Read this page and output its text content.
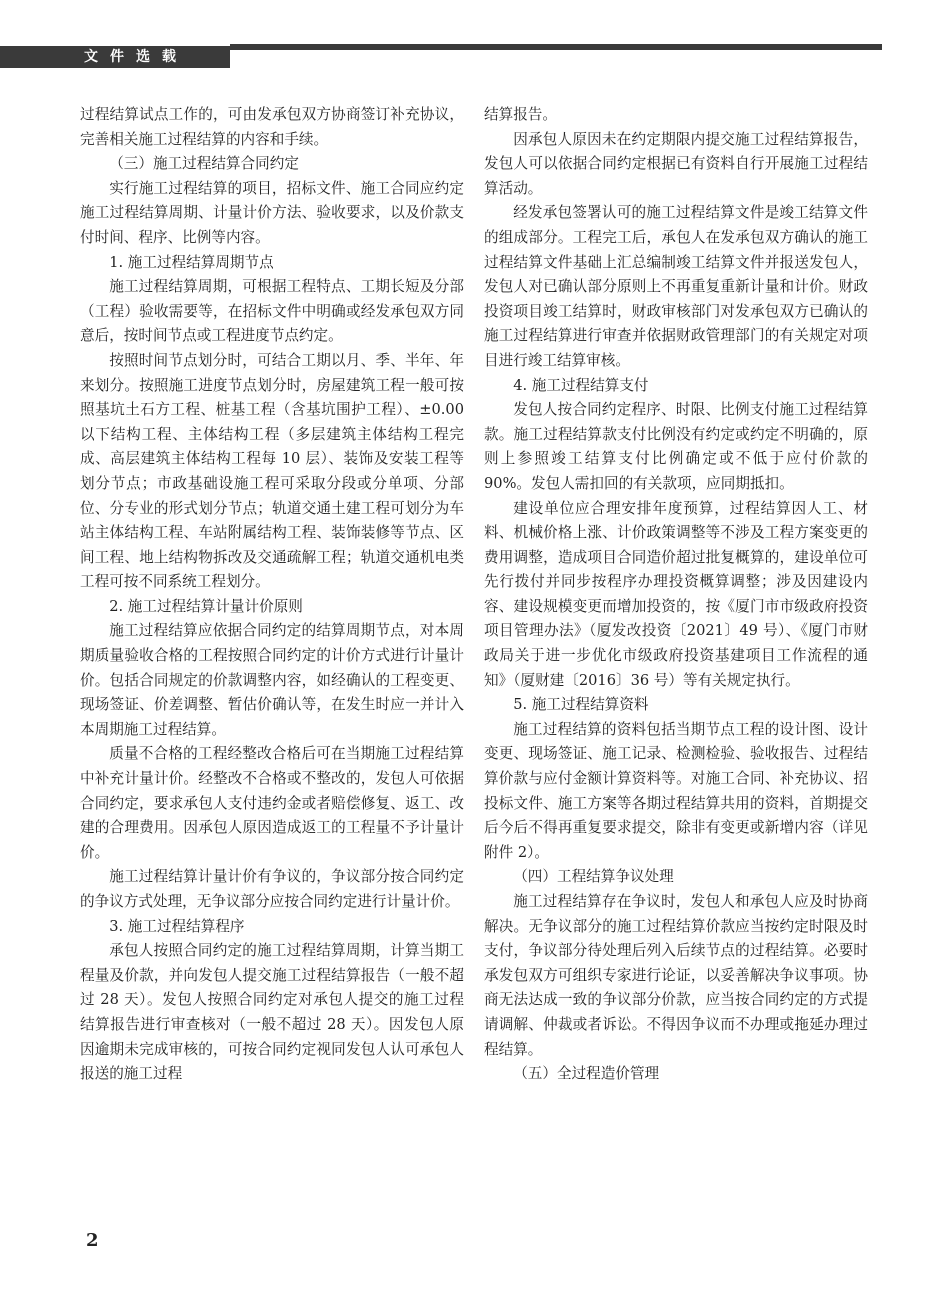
文件选载

过程结算试点工作的，可由发承包双方协商签订补充协议，完善相关施工过程结算的内容和手续。

（三）施工过程结算合同约定

实行施工过程结算的项目，招标文件、施工合同应约定施工过程结算周期、计量计价方法、验收要求，以及价款支付时间、程序、比例等内容。

1. 施工过程结算周期节点

施工过程结算周期，可根据工程特点、工期长短及分部（工程）验收需要等，在招标文件中明确或经发承包双方同意后，按时间节点或工程进度节点约定。

按照时间节点划分时，可结合工期以月、季、半年、年来划分。按照施工进度节点划分时，房屋建筑工程一般可按照基坑土石方工程、桩基工程（含基坑围护工程）、±0.00 以下结构工程、主体结构工程（多层建筑主体结构工程完成、高层建筑主体结构工程每 10 层）、装饰及安装工程等划分节点；市政基础设施工程可采取分段或分单项、分部位、分专业的形式划分节点；轨道交通土建工程可划分为车站主体结构工程、车站附属结构工程、装饰装修等节点、区间工程、地上结构物拆改及交通疏解工程；轨道交通机电类工程可按不同系统工程划分。

2. 施工过程结算计量计价原则

施工过程结算应依据合同约定的结算周期节点，对本周期质量验收合格的工程按照合同约定的计价方式进行计量计价。包括合同规定的价款调整内容，如经确认的工程变更、现场签证、价差调整、暂估价确认等，在发生时应一并计入本周期施工过程结算。

质量不合格的工程经整改合格后可在当期施工过程结算中补充计量计价。经整改不合格或不整改的，发包人可依据合同约定，要求承包人支付违约金或者赔偿修复、返工、改建的合理费用。因承包人原因造成返工的工程量不予计量计价。

施工过程结算计量计价有争议的，争议部分按合同约定的争议方式处理，无争议部分应按合同约定进行计量计价。

3. 施工过程结算程序

承包人按照合同约定的施工过程结算周期，计算当期工程量及价款，并向发包人提交施工过程结算报告（一般不超过 28 天）。发包人按照合同约定对承包人提交的施工过程结算报告进行审查核对（一般不超过 28 天）。因发包人原因逾期未完成审核的，可按合同约定视同发包人认可承包人报送的施工过程

结算报告。

因承包人原因未在约定期限内提交施工过程结算报告，发包人可以依据合同约定根据已有资料自行开展施工过程结算活动。

经发承包签署认可的施工过程结算文件是竣工结算文件的组成部分。工程完工后，承包人在发承包双方确认的施工过程结算文件基础上汇总编制竣工结算文件并报送发包人，发包人对已确认部分原则上不再重复重新计量和计价。财政投资项目竣工结算时，财政审核部门对发承包双方已确认的施工过程结算进行审查并依据财政管理部门的有关规定对项目进行竣工结算审核。

4. 施工过程结算支付

发包人按合同约定程序、时限、比例支付施工过程结算款。施工过程结算款支付比例没有约定或约定不明确的，原则上参照竣工结算支付比例确定或不低于应付价款的 90%。发包人需扣回的有关款项，应同期抵扣。

建设单位应合理安排年度预算，过程结算因人工、材料、机械价格上涨、计价政策调整等不涉及工程方案变更的费用调整，造成项目合同造价超过批复概算的，建设单位可先行拨付并同步按程序办理投资概算调整；涉及因建设内容、建设规模变更而增加投资的，按《厦门市市级政府投资项目管理办法》（厦发改投资〔2021〕49 号）、《厦门市财政局关于进一步优化市级政府投资基建项目工作流程的通知》（厦财建〔2016〕36 号）等有关规定执行。

5. 施工过程结算资料

施工过程结算的资料包括当期节点工程的设计图、设计变更、现场签证、施工记录、检测检验、验收报告、过程结算价款与应付金额计算资料等。对施工合同、补充协议、招投标文件、施工方案等各期过程结算共用的资料，首期提交后今后不得再重复要求提交，除非有变更或新增内容（详见附件 2）。

（四）工程结算争议处理

施工过程结算存在争议时，发包人和承包人应及时协商解决。无争议部分的施工过程结算价款应当按约定时限及时支付，争议部分待处理后列入后续节点的过程结算。必要时承发包双方可组织专家进行论证，以妥善解决争议事项。协商无法达成一致的争议部分价款，应当按合同约定的方式提请调解、仲裁或者诉讼。不得因争议而不办理或拖延办理过程结算。

（五）全过程造价管理

2
